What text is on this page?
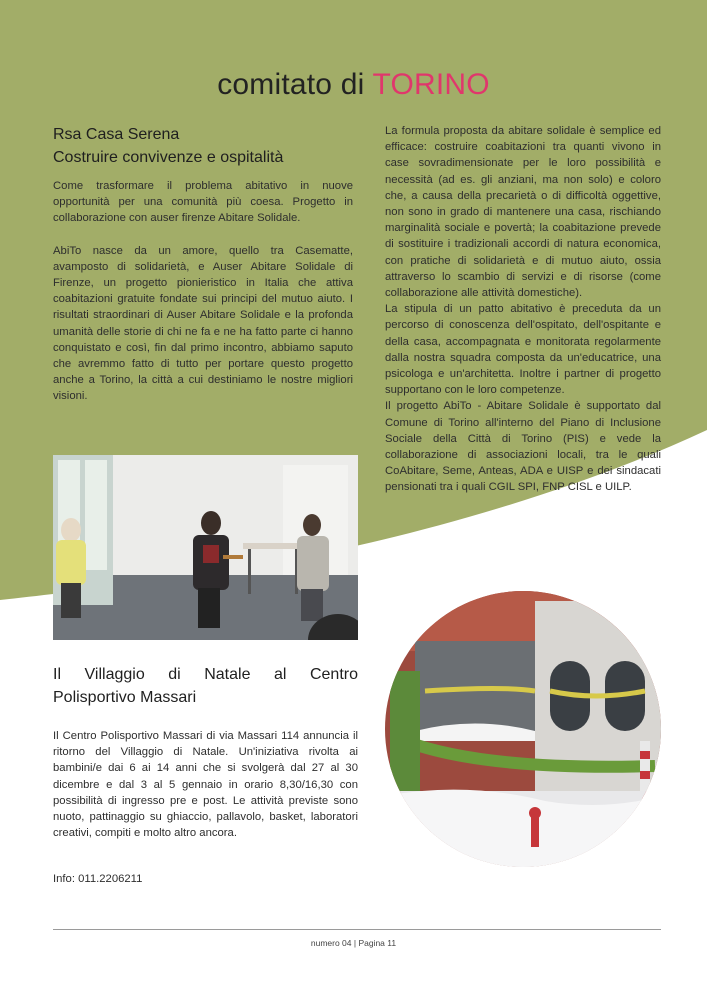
comitato di TORINO
Rsa Casa Serena
Costruire convivenze e ospitalità

Come trasformare il problema abitativo in nuove opportunità per una comunità più coesa. Progetto in collaborazione con auser firenze Abitare Solidale.

AbiTo nasce da un amore, quello tra Casematte, avamposto di solidarietà, e Auser Abitare Solidale di Firenze, un progetto pionieristico in Italia che attiva coabitazioni gratuite fondate sui principi del mutuo aiuto. I risultati straordinari di Auser Abitare Solidale e la profonda umanità delle storie di chi ne fa e ne ha fatto parte ci hanno conquistato e così, fin dal primo incontro, abbiamo saputo che avremmo fatto di tutto per portare questo progetto anche a Torino, la città a cui destiniamo le nostre migliori visioni.

La formula proposta da abitare solidale è semplice ed efficace: costruire coabitazioni tra quanti vivono in case sovradimensionate per le loro possibilità e necessità (ad es. gli anziani, ma non solo) e coloro che, a causa della precarietà o di difficoltà oggettive, non sono in grado di mantenere una casa, rischiando marginalità sociale e povertà; la coabitazione prevede di sostituire i tradizionali accordi di natura economica, con pratiche di solidarietà e di mutuo aiuto, ossia attraverso lo scambio di servizi e di risorse (come collaborazione alle attività domestiche).

La stipula di un patto abitativo è preceduta da un percorso di conoscenza dell'ospitato, dell'ospitante e della casa, accompagnata e monitorata regolarmente dalla nostra squadra composta da un'educatrice, una psicologa e un'architetta. Inoltre i partner di progetto supportano con le loro competenze.

Il progetto AbiTo - Abitare Solidale è supportato dal Comune di Torino all'interno del Piano di Inclusione Sociale della Città di Torino (PIS) e vede la collaborazione di associazioni locali, tra le quali CoAbitare, Seme, Anteas, ADA e UISP e dei sindacati pensionati tra i quali CGIL SPI, FNP CISL e UILP.

Il Villaggio di Natale al Centro
Polisportivo Massari

Il Centro Polisportivo Massari di via Massari 114 annuncia il ritorno del Villaggio di Natale. Un'iniziativa rivolta ai bambini/e dai 6 ai 14 anni che si svolgerà dal 27 al 30 dicembre e dal 3 al 5 gennaio in orario 8,30/16,30 con possibilità di ingresso pre e post. Le attività previste sono nuoto, pattinaggio su ghiaccio, pallavolo, basket, laboratori creativi, compiti e molto altro ancora.

Info: 011.2206211
numero 04 | Pagina 11
